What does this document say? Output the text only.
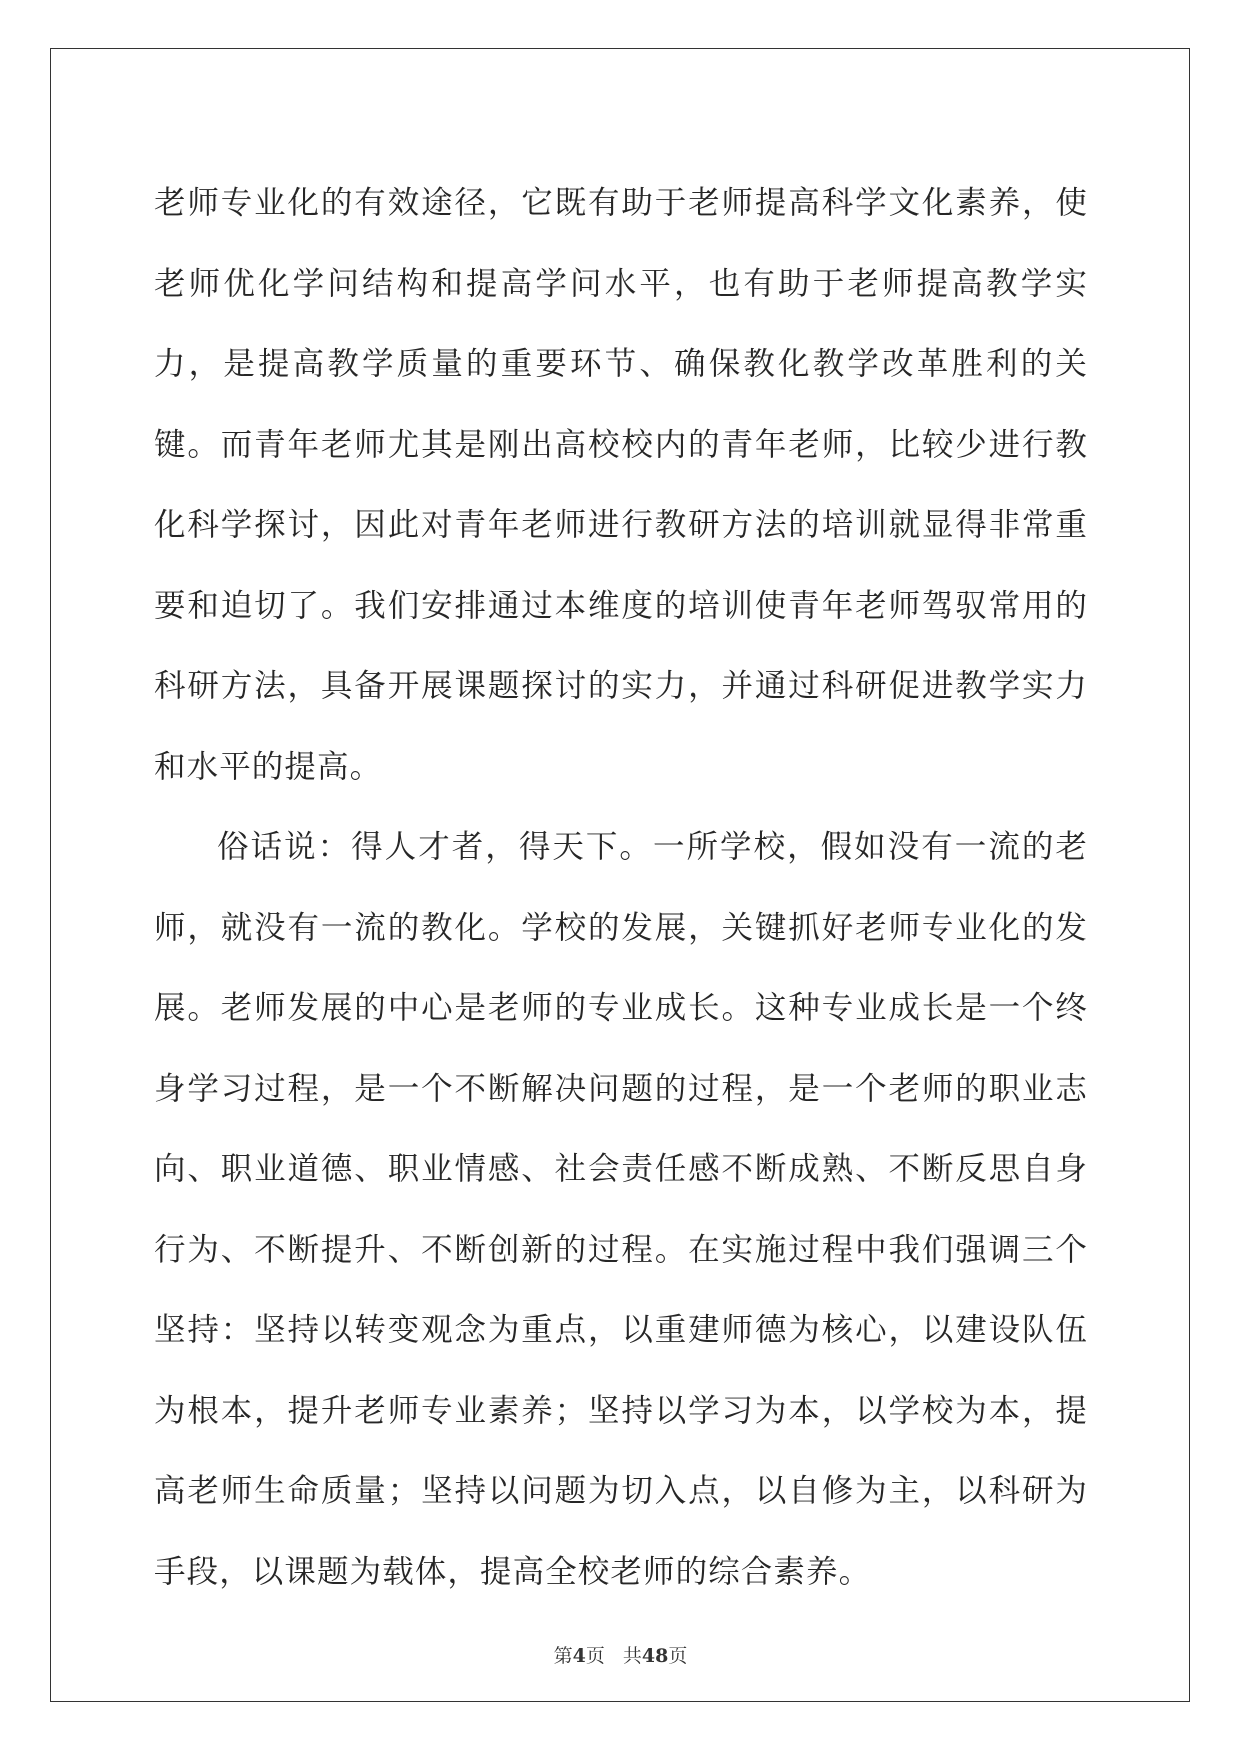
老师专业化的有效途径，它既有助于老师提高科学文化素养，使老师优化学问结构和提高学问水平，也有助于老师提高教学实力，是提高教学质量的重要环节、确保教化教学改革胜利的关键。而青年老师尤其是刚出高校校内的青年老师，比较少进行教化科学探讨，因此对青年老师进行教研方法的培训就显得非常重要和迫切了。我们安排通过本维度的培训使青年老师驾驭常用的科研方法，具备开展课题探讨的实力，并通过科研促进教学实力和水平的提高。

俗话说：得人才者，得天下。一所学校，假如没有一流的老师，就没有一流的教化。学校的发展，关键抓好老师专业化的发展。老师发展的中心是老师的专业成长。这种专业成长是一个终身学习过程，是一个不断解决问题的过程，是一个老师的职业志向、职业道德、职业情感、社会责任感不断成熟、不断反思自身行为、不断提升、不断创新的过程。在实施过程中我们强调三个坚持：坚持以转变观念为重点，以重建师德为核心，以建设队伍为根本，提升老师专业素养；坚持以学习为本，以学校为本，提高老师生命质量；坚持以问题为切入点，以自修为主，以科研为手段，以课题为载体，提高全校老师的综合素养。

第4页 共48页
